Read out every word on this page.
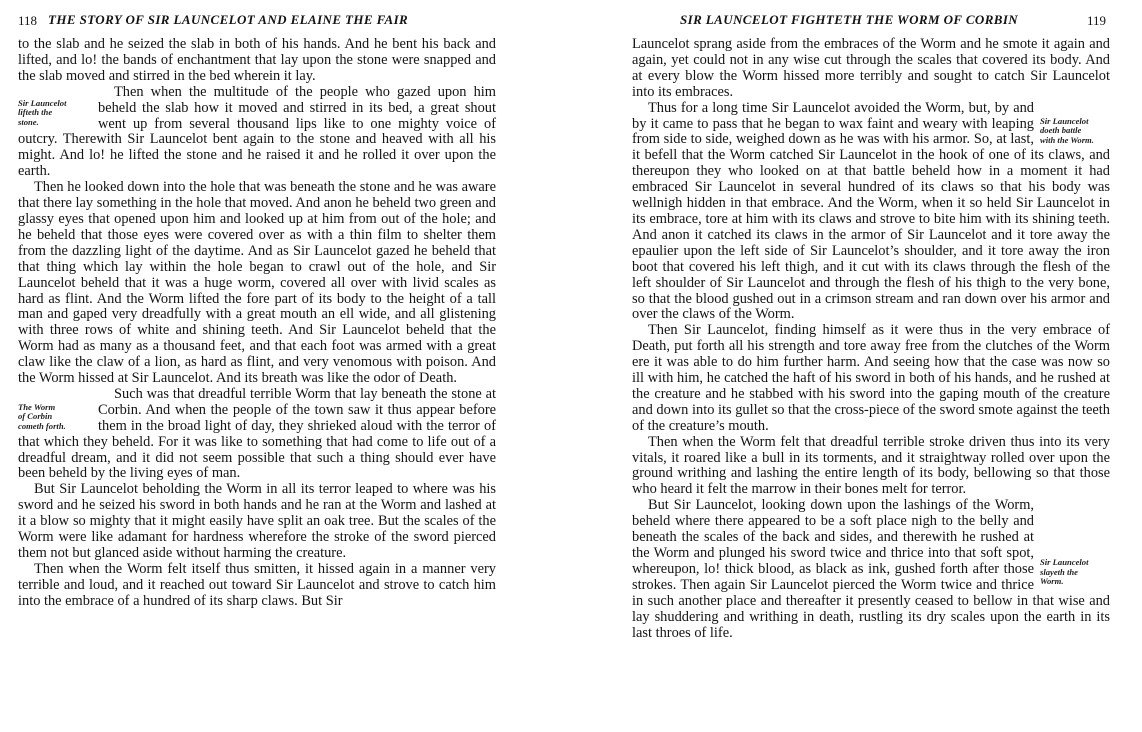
118 THE STORY OF SIR LAUNCELOT AND ELAINE THE FAIR

to the slab and he seized the slab in both of his hands. And he bent his back and lifted, and lo! the bands of enchantment that lay upon the stone were snapped and the slab moved and stirred in the bed wherein it lay.

Sir Launcelot
lifteth the
stone.

Then when the multitude of the people who gazed upon him beheld the slab how it moved and stirred in its bed, a great shout went up from several thousand lips like to one mighty voice of outcry. Therewith Sir Launcelot bent again to the stone and heaved with all his might. And lo! he lifted the stone and he raised it and he rolled it over upon the earth.

Then he looked down into the hole that was beneath the stone and he was aware that there lay something in the hole that moved. And anon he beheld two green and glassy eyes that opened upon him and looked up at him from out of the hole; and he beheld that those eyes were covered over as with a thin film to shelter them from the dazzling light of the daytime. And as Sir Launcelot gazed he beheld that that thing which lay within the hole began to crawl out of the hole, and Sir Launcelot beheld that it was a huge worm, covered all over with livid scales as hard as flint. And the Worm lifted the fore part of its body to the height of a tall man and gaped very dreadfully with a great mouth an ell wide, and all glistening with three rows of white and shining teeth. And Sir Launcelot beheld that the Worm had as many as a thousand feet, and that each foot was armed with a great claw like the claw of a lion, as hard as flint, and very venomous with poison. And the Worm hissed at Sir Launcelot. And its breath was like the odor of Death.

The Worm
of Corbin
cometh forth.

Such was that dreadful terrible Worm that lay beneath the stone at Corbin. And when the people of the town saw it thus appear before them in the broad light of day, they shrieked aloud with the terror of that which they beheld. For it was like to something that had come to life out of a dreadful dream, and it did not seem possible that such a thing should ever have been beheld by the living eyes of man.

But Sir Launcelot beholding the Worm in all its terror leaped to where was his sword and he seized his sword in both hands and he ran at the Worm and lashed at it a blow so mighty that it might easily have split an oak tree. But the scales of the Worm were like adamant for hardness wherefore the stroke of the sword pierced them not but glanced aside without harming the creature.

Then when the Worm felt itself thus smitten, it hissed again in a manner very terrible and loud, and it reached out toward Sir Launcelot and strove to catch him into the embrace of a hundred of its sharp claws. But Sir

SIR LAUNCELOT FIGHTETH THE WORM OF CORBIN	119

Launcelot sprang aside from the embraces of the Worm and he smote it again and again, yet could not in any wise cut through the scales that covered its body. And at every blow the Worm hissed more terribly and sought to catch Sir Launcelot into its embraces.

Sir Launcelot
doeth battle
with the Worm.

Thus for a long time Sir Launcelot avoided the Worm, but, by and by it came to pass that he began to wax faint and weary with leaping from side to side, weighed down as he was with his armor. So, at last, it befell that the Worm catched Sir Launcelot in the hook of one of its claws, and thereupon they who looked on at that battle beheld how in a moment it had embraced Sir Launcelot in several hundred of its claws so that his body was wellnigh hidden in that embrace. And the Worm, when it so held Sir Launcelot in its embrace, tore at him with its claws and strove to bite him with its shining teeth. And anon it catched its claws in the armor of Sir Launcelot and it tore away the epaulier upon the left side of Sir Launcelot’s shoulder, and it tore away the iron boot that covered his left thigh, and it cut with its claws through the flesh of the left shoulder of Sir Launcelot and through the flesh of his thigh to the very bone, so that the blood gushed out in a crimson stream and ran down over his armor and over the claws of the Worm.

Then Sir Launcelot, finding himself as it were thus in the very embrace of Death, put forth all his strength and tore away free from the clutches of the Worm ere it was able to do him further harm. And seeing how that the case was now so ill with him, he catched the haft of his sword in both of his hands, and he rushed at the creature and he stabbed with his sword into the gaping mouth of the creature and down into its gullet so that the cross-piece of the sword smote against the teeth of the creature’s mouth.

Then when the Worm felt that dreadful terrible stroke driven thus into its very vitals, it roared like a bull in its torments, and it straightway rolled over upon the ground writhing and lashing the entire length of its body, bellowing so that those who heard it felt the marrow in their bones melt for terror.

Sir Launcelot
slayeth the
Worm.

But Sir Launcelot, looking down upon the lashings of the Worm, beheld where there appeared to be a soft place nigh to the belly and beneath the scales of the back and sides, and therewith he rushed at the Worm and plunged his sword twice and thrice into that soft spot, whereupon, lo! thick blood, as black as ink, gushed forth after those strokes. Then again Sir Launcelot pierced the Worm twice and thrice in such another place and thereafter it presently ceased to bellow in that wise and lay shuddering and writhing in death, rustling its dry scales upon the earth in its last throes of life.
